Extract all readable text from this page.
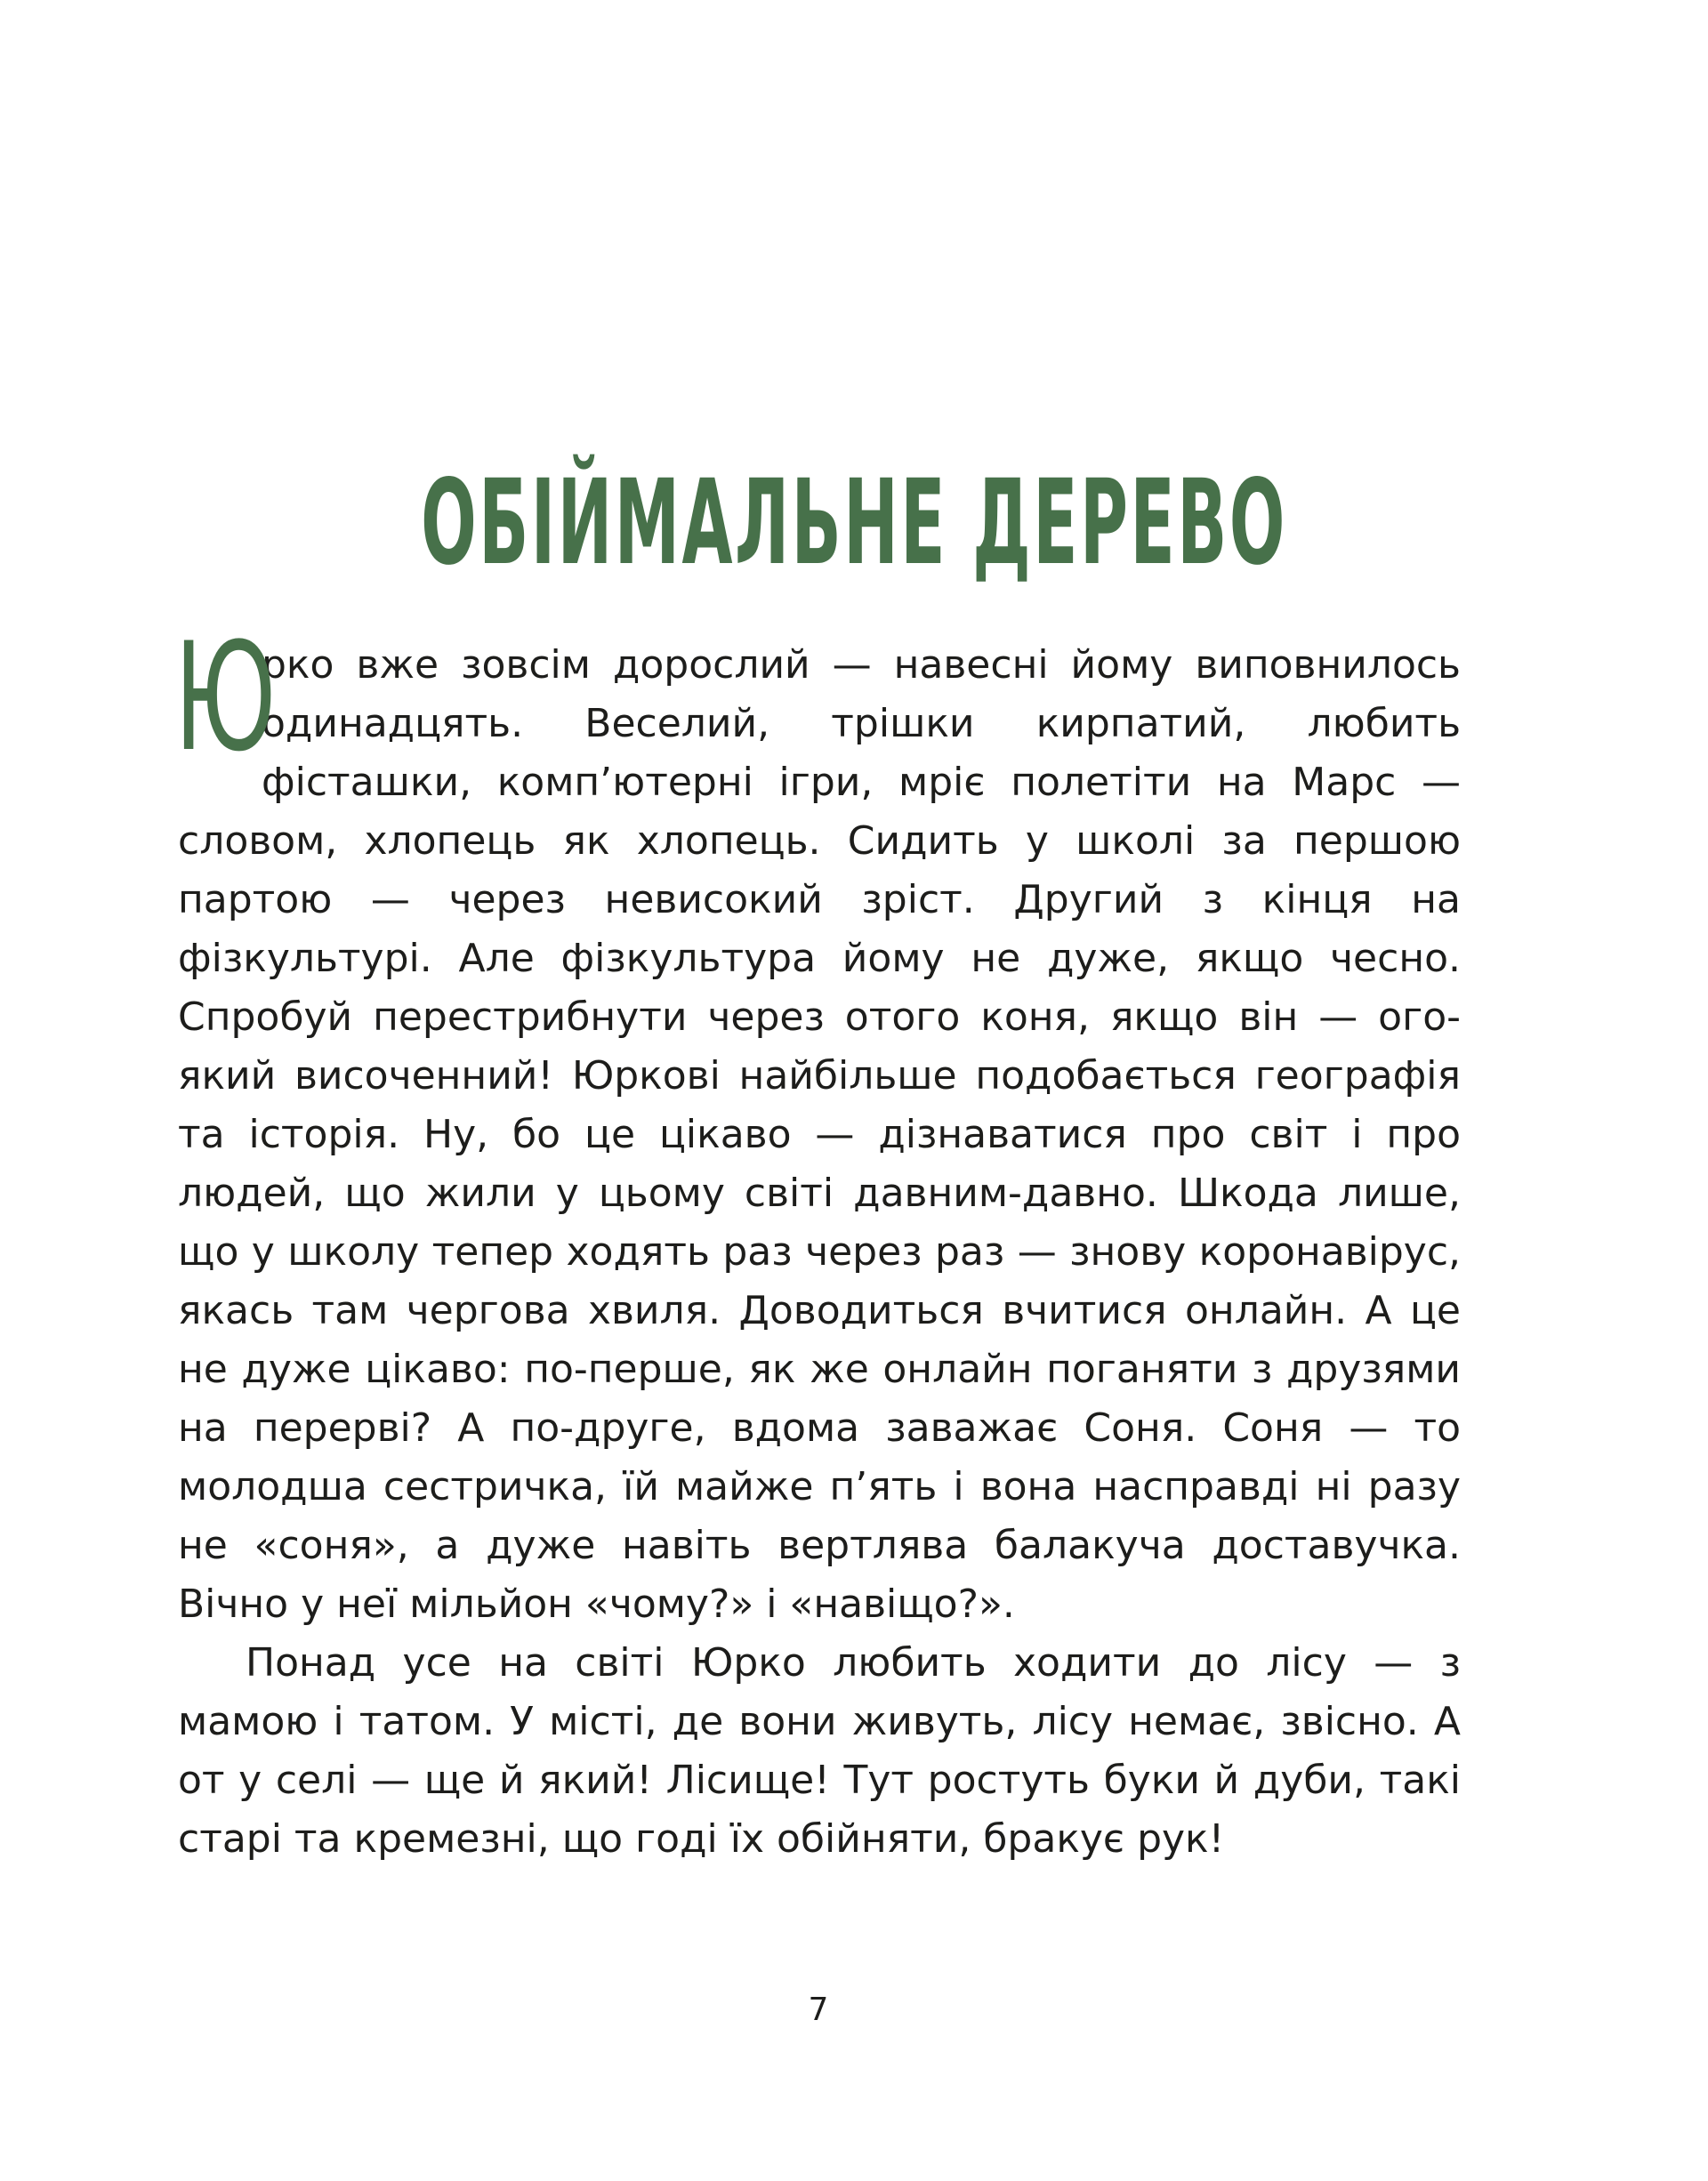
ОБІЙМАЛЬНЕ ДЕРЕВО

Ю
рко вже зовсім дорослий — навесні йому виповнилось одинадцять. Веселий, трішки кирпатий, любить фісташки, комп’ютерні ігри, мріє полетіти на Марс — словом, хлопець як хлопець. Сидить у школі за першою партою — через невисокий зріст. Другий з кінця на фізкультурі. Але фізкультура йому не дуже, якщо чесно. Спробуй перестрибнути через отого коня, якщо він — ого-який височенний! Юркові найбільше подобається географія та історія. Ну, бо це цікаво — дізнаватися про світ і про людей, що жили у цьому світі давним-давно. Шкода лише, що у школу тепер ходять раз через раз — знову коронавірус, якась там чергова хвиля. Доводиться вчитися онлайн. А це не дуже цікаво: по-перше, як же онлайн поганяти з друзями на перерві? А по-друге, вдома заважає Соня. Соня — то молодша сестричка, їй майже п’ять і вона насправді ні разу не «соня», а дуже навіть вертлява балакуча доставучка. Вічно у неї мільйон «чому?» і «навіщо?».

Понад усе на світі Юрко любить ходити до лісу — з мамою і татом. У місті, де вони живуть, лісу немає, звісно. А от у селі — ще й який! Лісище! Тут ростуть буки й дуби, такі старі та кремезні, що годі їх обійняти, бракує рук!

7
